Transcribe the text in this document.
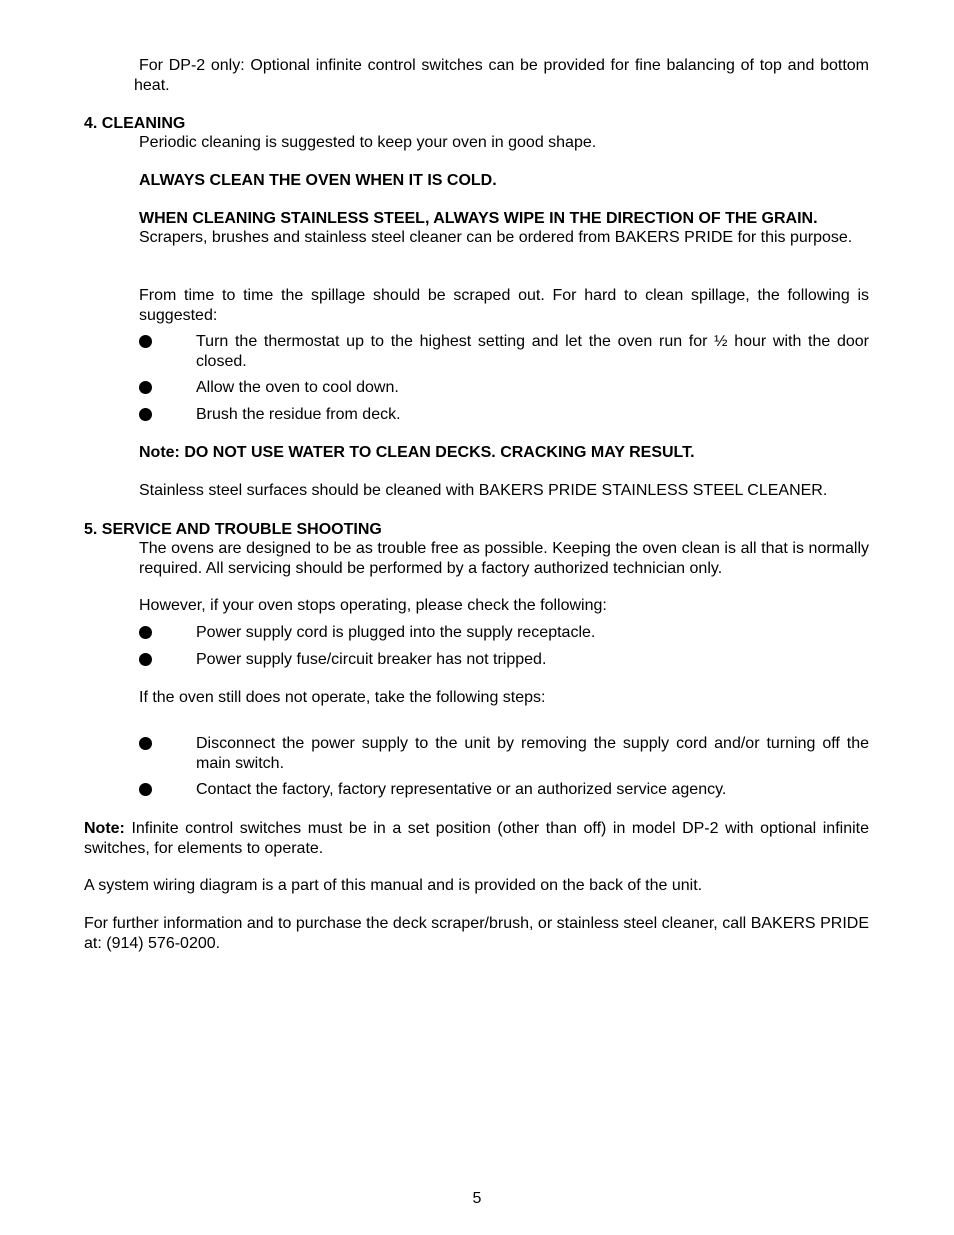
For DP-2 only: Optional infinite control switches can be provided for fine balancing of top and bottom heat.

4. CLEANING

Periodic cleaning is suggested to keep your oven in good shape.

ALWAYS CLEAN THE OVEN WHEN IT IS COLD.

WHEN CLEANING STAINLESS STEEL, ALWAYS WIPE IN THE DIRECTION OF THE GRAIN.

Scrapers, brushes and stainless steel cleaner can be ordered from BAKERS PRIDE for this purpose.

From time to time the spillage should be scraped out. For hard to clean spillage, the following is suggested:

Turn the thermostat up to the highest setting and let the oven run for ½ hour with the door closed.
Allow the oven to cool down.
Brush the residue from deck.

Note: DO NOT USE WATER TO CLEAN DECKS. CRACKING MAY RESULT.

Stainless steel surfaces should be cleaned with BAKERS PRIDE STAINLESS STEEL CLEANER.

5. SERVICE AND TROUBLE SHOOTING

The ovens are designed to be as trouble free as possible. Keeping the oven clean is all that is normally required. All servicing should be performed by a factory authorized technician only.

However, if your oven stops operating, please check the following:

Power supply cord is plugged into the supply receptacle.
Power supply fuse/circuit breaker has not tripped.

If the oven still does not operate, take the following steps:

Disconnect the power supply to the unit by removing the supply cord and/or turning off the main switch.
Contact the factory, factory representative or an authorized service agency.

Note: Infinite control switches must be in a set position (other than off) in model DP-2 with optional infinite switches, for elements to operate.

A system wiring diagram is a part of this manual and is provided on the back of the unit.

For further information and to purchase the deck scraper/brush, or stainless steel cleaner, call BAKERS PRIDE at: (914) 576-0200.

5
